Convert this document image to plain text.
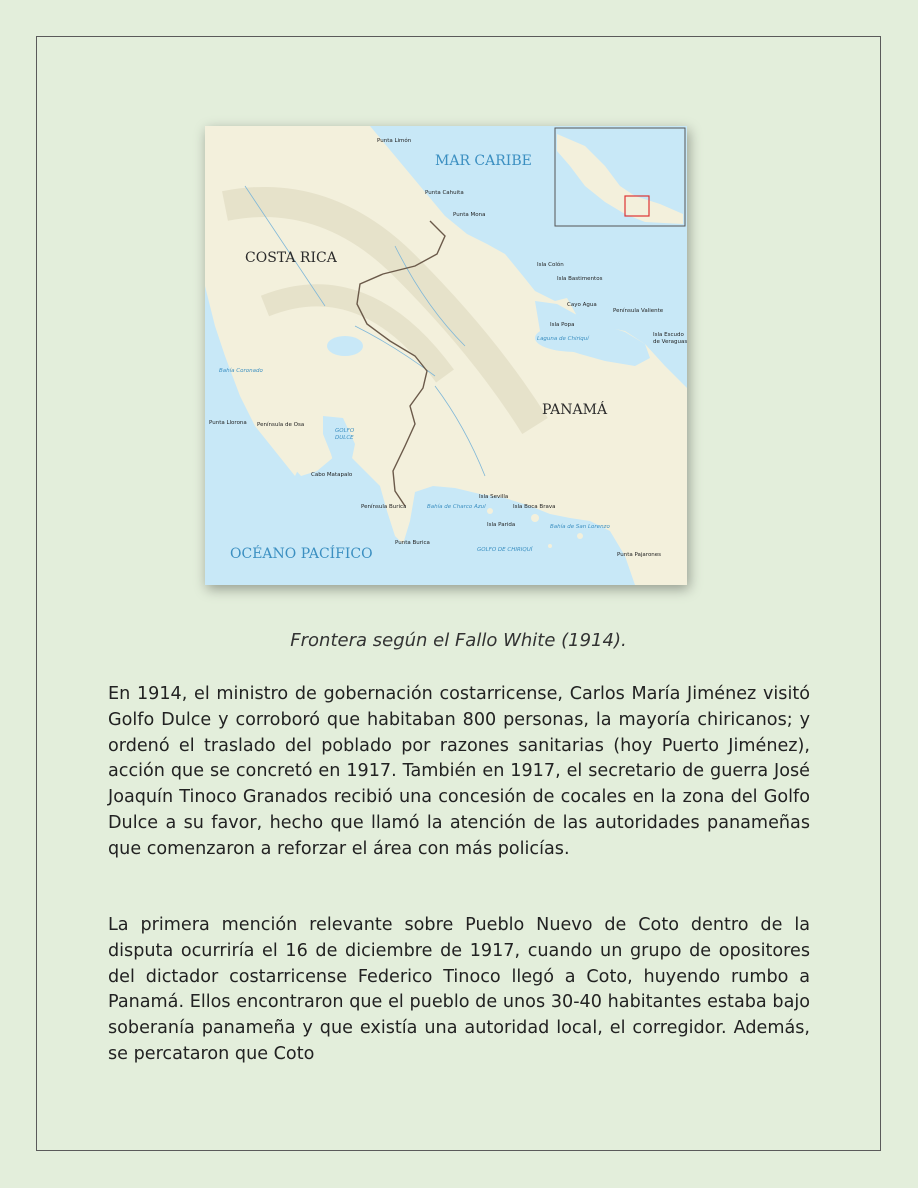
MAR CARIBE
COSTA RICA
PANAMÁ
OCÉANO PACÍFICO
GOLFO
DULCE
Bahía Coronado
Laguna de Chiriquí
Bahía de Charco Azul
Bahía de San Lorenzo
GOLFO DE CHIRIQUÍ
Punta Limón
Punta Cahuita
Punta Mona
Isla Colón
Isla Bastimentos
Cayo Agua
Isla Popa
Península Valiente
Isla Escudo
de Veraguas
Punta Llorona Península de Osa
Cabo Matapalo
Península Burica
Punta Burica
Isla Sevilla
Isla Boca Brava
Isla Parida
Punta Pajarones
Frontera según el Fallo White (1914).

En 1914, el ministro de gobernación costarricense, Carlos María Jiménez visitó Golfo Dulce y corroboró que habitaban 800 personas, la mayoría chiricanos; y ordenó el traslado del poblado por razones sanitarias (hoy Puerto Jiménez), acción que se concretó en 1917. También en 1917, el secretario de guerra José Joaquín Tinoco Granados recibió una concesión de cocales en la zona del Golfo Dulce a su favor, hecho que llamó la atención de las autoridades panameñas que comenzaron a reforzar el área con más policías.

La primera mención relevante sobre Pueblo Nuevo de Coto dentro de la disputa ocurriría el 16 de diciembre de 1917, cuando un grupo de opositores del dictador costarricense Federico Tinoco llegó a Coto, huyendo rumbo a Panamá. Ellos encontraron que el pueblo de unos 30-40 habitantes estaba bajo soberanía panameña y que existía una autoridad local, el corregidor. Además, se percataron que Coto
